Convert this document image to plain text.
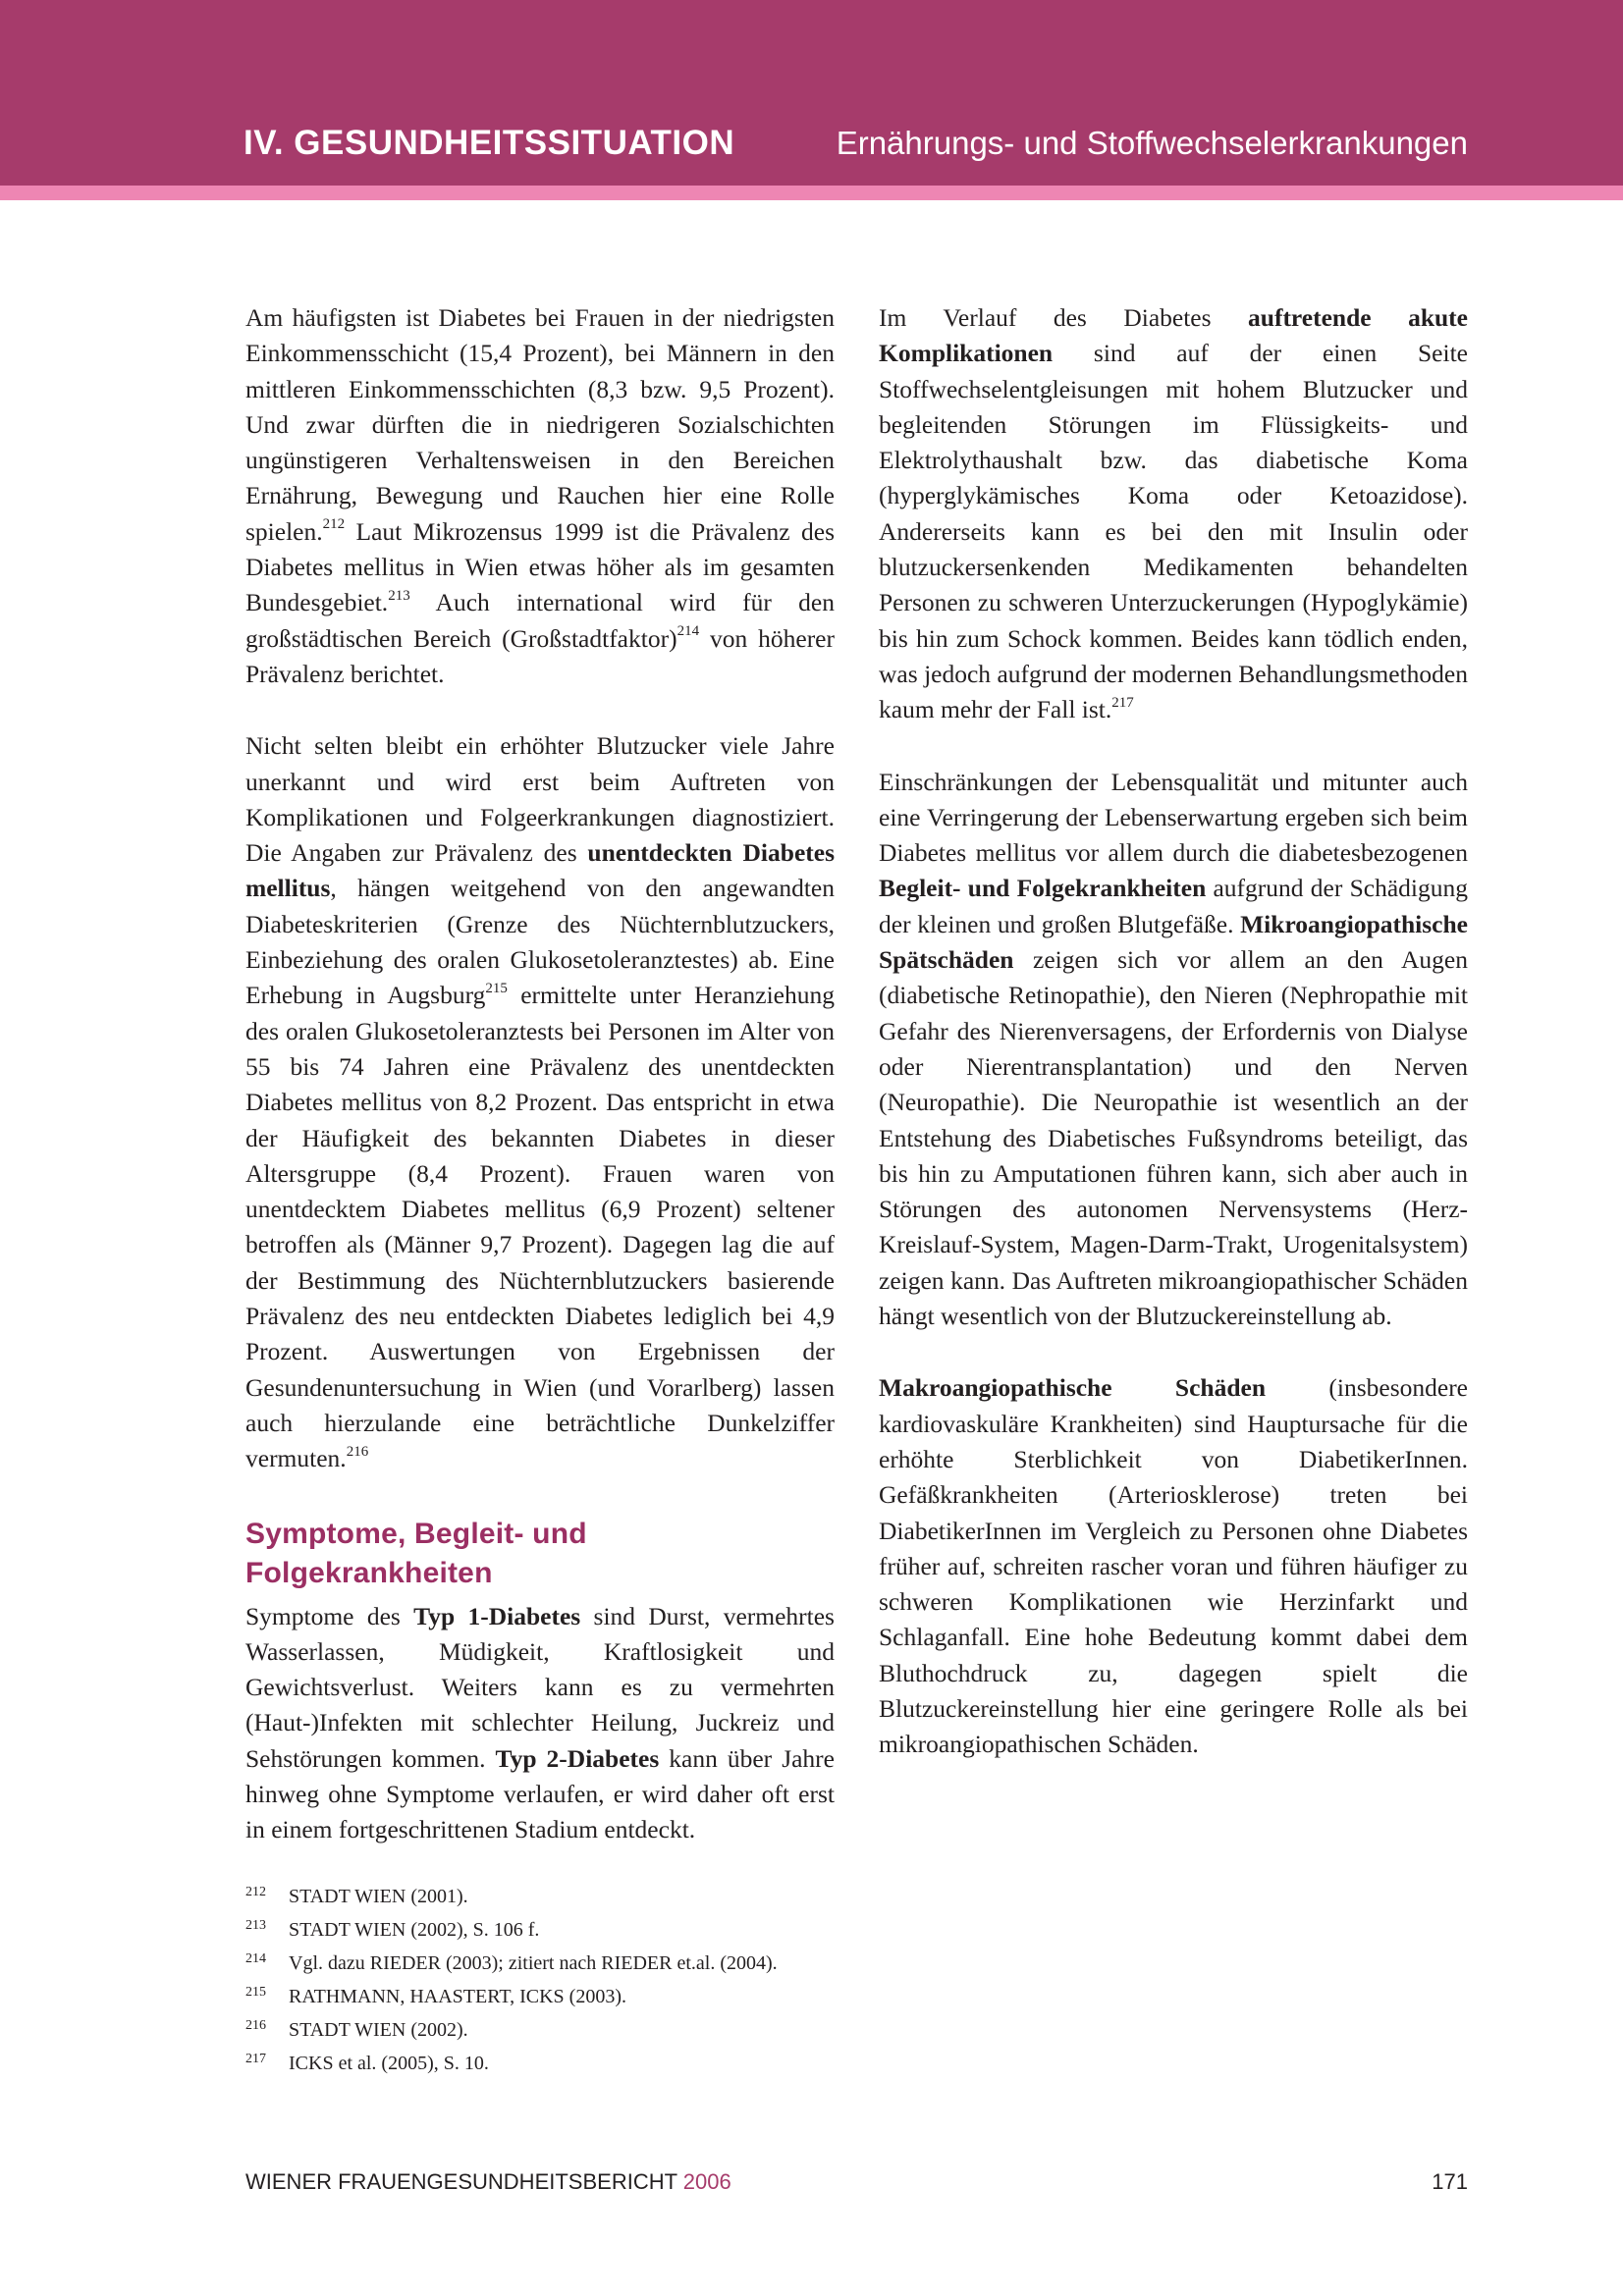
IV. GESUNDHEITSSITUATION	Ernährungs- und Stoffwechselerkrankungen

Am häufigsten ist Diabetes bei Frauen in der niedrigsten Einkommensschicht (15,4 Prozent), bei Männern in den mittleren Einkommensschichten (8,3 bzw. 9,5 Prozent). Und zwar dürften die in niedrigeren Sozialschichten ungünstigeren Verhaltensweisen in den Bereichen Ernährung, Bewegung und Rauchen hier eine Rolle spielen.$^{212}$ Laut Mikrozensus 1999 ist die Prävalenz des Diabetes mellitus in Wien etwas höher als im gesamten Bundesgebiet.$^{213}$ Auch international wird für den großstädtischen Bereich (Großstadtfaktor)$^{214}$ von höherer Prävalenz berichtet.

Nicht selten bleibt ein erhöhter Blutzucker viele Jahre unerkannt und wird erst beim Auftreten von Komplikationen und Folgeerkrankungen diagnostiziert. Die Angaben zur Prävalenz des unentdeckten Diabetes mellitus, hängen weitgehend von den angewandten Diabeteskriterien (Grenze des Nüchternblutzuckers, Einbeziehung des oralen Glukosetoleranztestes) ab. Eine Erhebung in Augsburg$^{215}$ ermittelte unter Heranziehung des oralen Glukosetoleranztests bei Personen im Alter von 55 bis 74 Jahren eine Prävalenz des unentdeckten Diabetes mellitus von 8,2 Prozent. Das entspricht in etwa der Häufigkeit des bekannten Diabetes in dieser Altersgruppe (8,4 Prozent). Frauen waren von unentdecktem Diabetes mellitus (6,9 Prozent) seltener betroffen als (Männer 9,7 Prozent). Dagegen lag die auf der Bestimmung des Nüchternblutzuckers basierende Prävalenz des neu entdeckten Diabetes lediglich bei 4,9 Prozent. Auswertungen von Ergebnissen der Gesundenuntersuchung in Wien (und Vorarlberg) lassen auch hierzulande eine beträchtliche Dunkelziffer vermuten.$^{216}$

Symptome, Begleit- und Folgekrankheiten

Symptome des Typ 1-Diabetes sind Durst, vermehrtes Wasserlassen, Müdigkeit, Kraftlosigkeit und Gewichtsverlust. Weiters kann es zu vermehrten (Haut-)Infekten mit schlechter Heilung, Juckreiz und Sehstörungen kommen. Typ 2-Diabetes kann über Jahre hinweg ohne Symptome verlaufen, er wird daher oft erst in einem fortgeschrittenen Stadium entdeckt.

Im Verlauf des Diabetes auftretende akute Komplikationen sind auf der einen Seite Stoffwechselentgleisungen mit hohem Blutzucker und begleitenden Störungen im Flüssigkeits- und Elektrolythaushalt bzw. das diabetische Koma (hyperglykämisches Koma oder Ketoazidose). Andererseits kann es bei den mit Insulin oder blutzuckersenkenden Medikamenten behandelten Personen zu schweren Unterzuckerungen (Hypoglykämie) bis hin zum Schock kommen. Beides kann tödlich enden, was jedoch aufgrund der modernen Behandlungsmethoden kaum mehr der Fall ist.$^{217}$

Einschränkungen der Lebensqualität und mitunter auch eine Verringerung der Lebenserwartung ergeben sich beim Diabetes mellitus vor allem durch die diabetesbezogenen Begleit- und Folgekrankheiten aufgrund der Schädigung der kleinen und großen Blutgefäße. Mikroangiopathische Spätschäden zeigen sich vor allem an den Augen (diabetische Retinopathie), den Nieren (Nephropathie mit Gefahr des Nierenversagens, der Erfordernis von Dialyse oder Nierentransplantation) und den Nerven (Neuropathie). Die Neuropathie ist wesentlich an der Entstehung des Diabetisches Fußsyndroms beteiligt, das bis hin zu Amputationen führen kann, sich aber auch in Störungen des autonomen Nervensystems (Herz-Kreislauf-System, Magen-Darm-Trakt, Urogenitalsystem) zeigen kann. Das Auftreten mikroangiopathischer Schäden hängt wesentlich von der Blutzuckereinstellung ab.

Makroangiopathische Schäden (insbesondere kardiovaskuläre Krankheiten) sind Hauptursache für die erhöhte Sterblichkeit von DiabetikerInnen. Gefäßkrankheiten (Arteriosklerose) treten bei DiabetikerInnen im Vergleich zu Personen ohne Diabetes früher auf, schreiten rascher voran und führen häufiger zu schweren Komplikationen wie Herzinfarkt und Schlaganfall. Eine hohe Bedeutung kommt dabei dem Bluthochdruck zu, dagegen spielt die Blutzuckereinstellung hier eine geringere Rolle als bei mikroangiopathischen Schäden.

212 STADT WIEN (2001).
213 STADT WIEN (2002), S. 106 f.
214 Vgl. dazu RIEDER (2003); zitiert nach RIEDER et.al. (2004).
215 RATHMANN, HAASTERT, ICKS (2003).
216 STADT WIEN (2002).
217 ICKS et al. (2005), S. 10.
WIENER FRAUENGESUNDHEITSBERICHT 2006	171
